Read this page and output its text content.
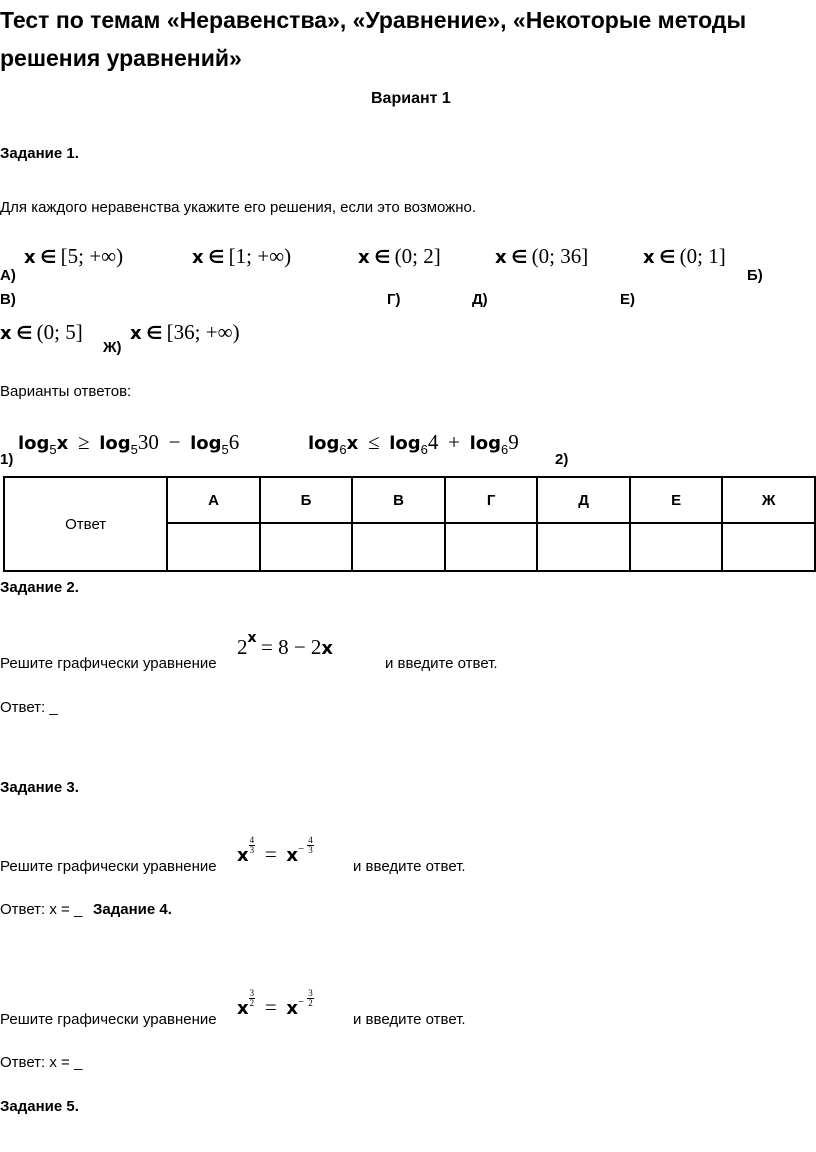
Тест по темам «Неравенства», «Уравнение», «Некоторые методы
решения уравнений»
Вариант 1
Задание 1.
Для каждого неравенства укажите его решения, если это возможно.
x ∈ [5; +∞)	x ∈ [1; +∞)	x ∈ (0; 2]	x ∈ (0; 36]	x ∈ (0; 1]
А)	Б)
В)	Г)	Д)	Е)
x ∈ (0; 5]
Ж)
x ∈ [36; +∞)
Варианты ответов:
$\log_5x \ge \log_530 - \log_56$	$\log_6x \le \log_64 + \log_69$
1)	2)
Ответ	А	Б	В	Г	Д	Е	Ж

Задание 2.
2x = 8 − 2x
Решите графически уравнение	и введите ответ.
Ответ: _
Задание 3.
x $\frac{4}{3} = x^- \frac{4}{3}$
Решите графически уравнение	и введите ответ.
Ответ: x = _ Задание 4.
x $\frac{3}{2} = x^- \frac{3}{2}$
Решите графически уравнение	и введите ответ.
Ответ: x = _
Задание 5.
